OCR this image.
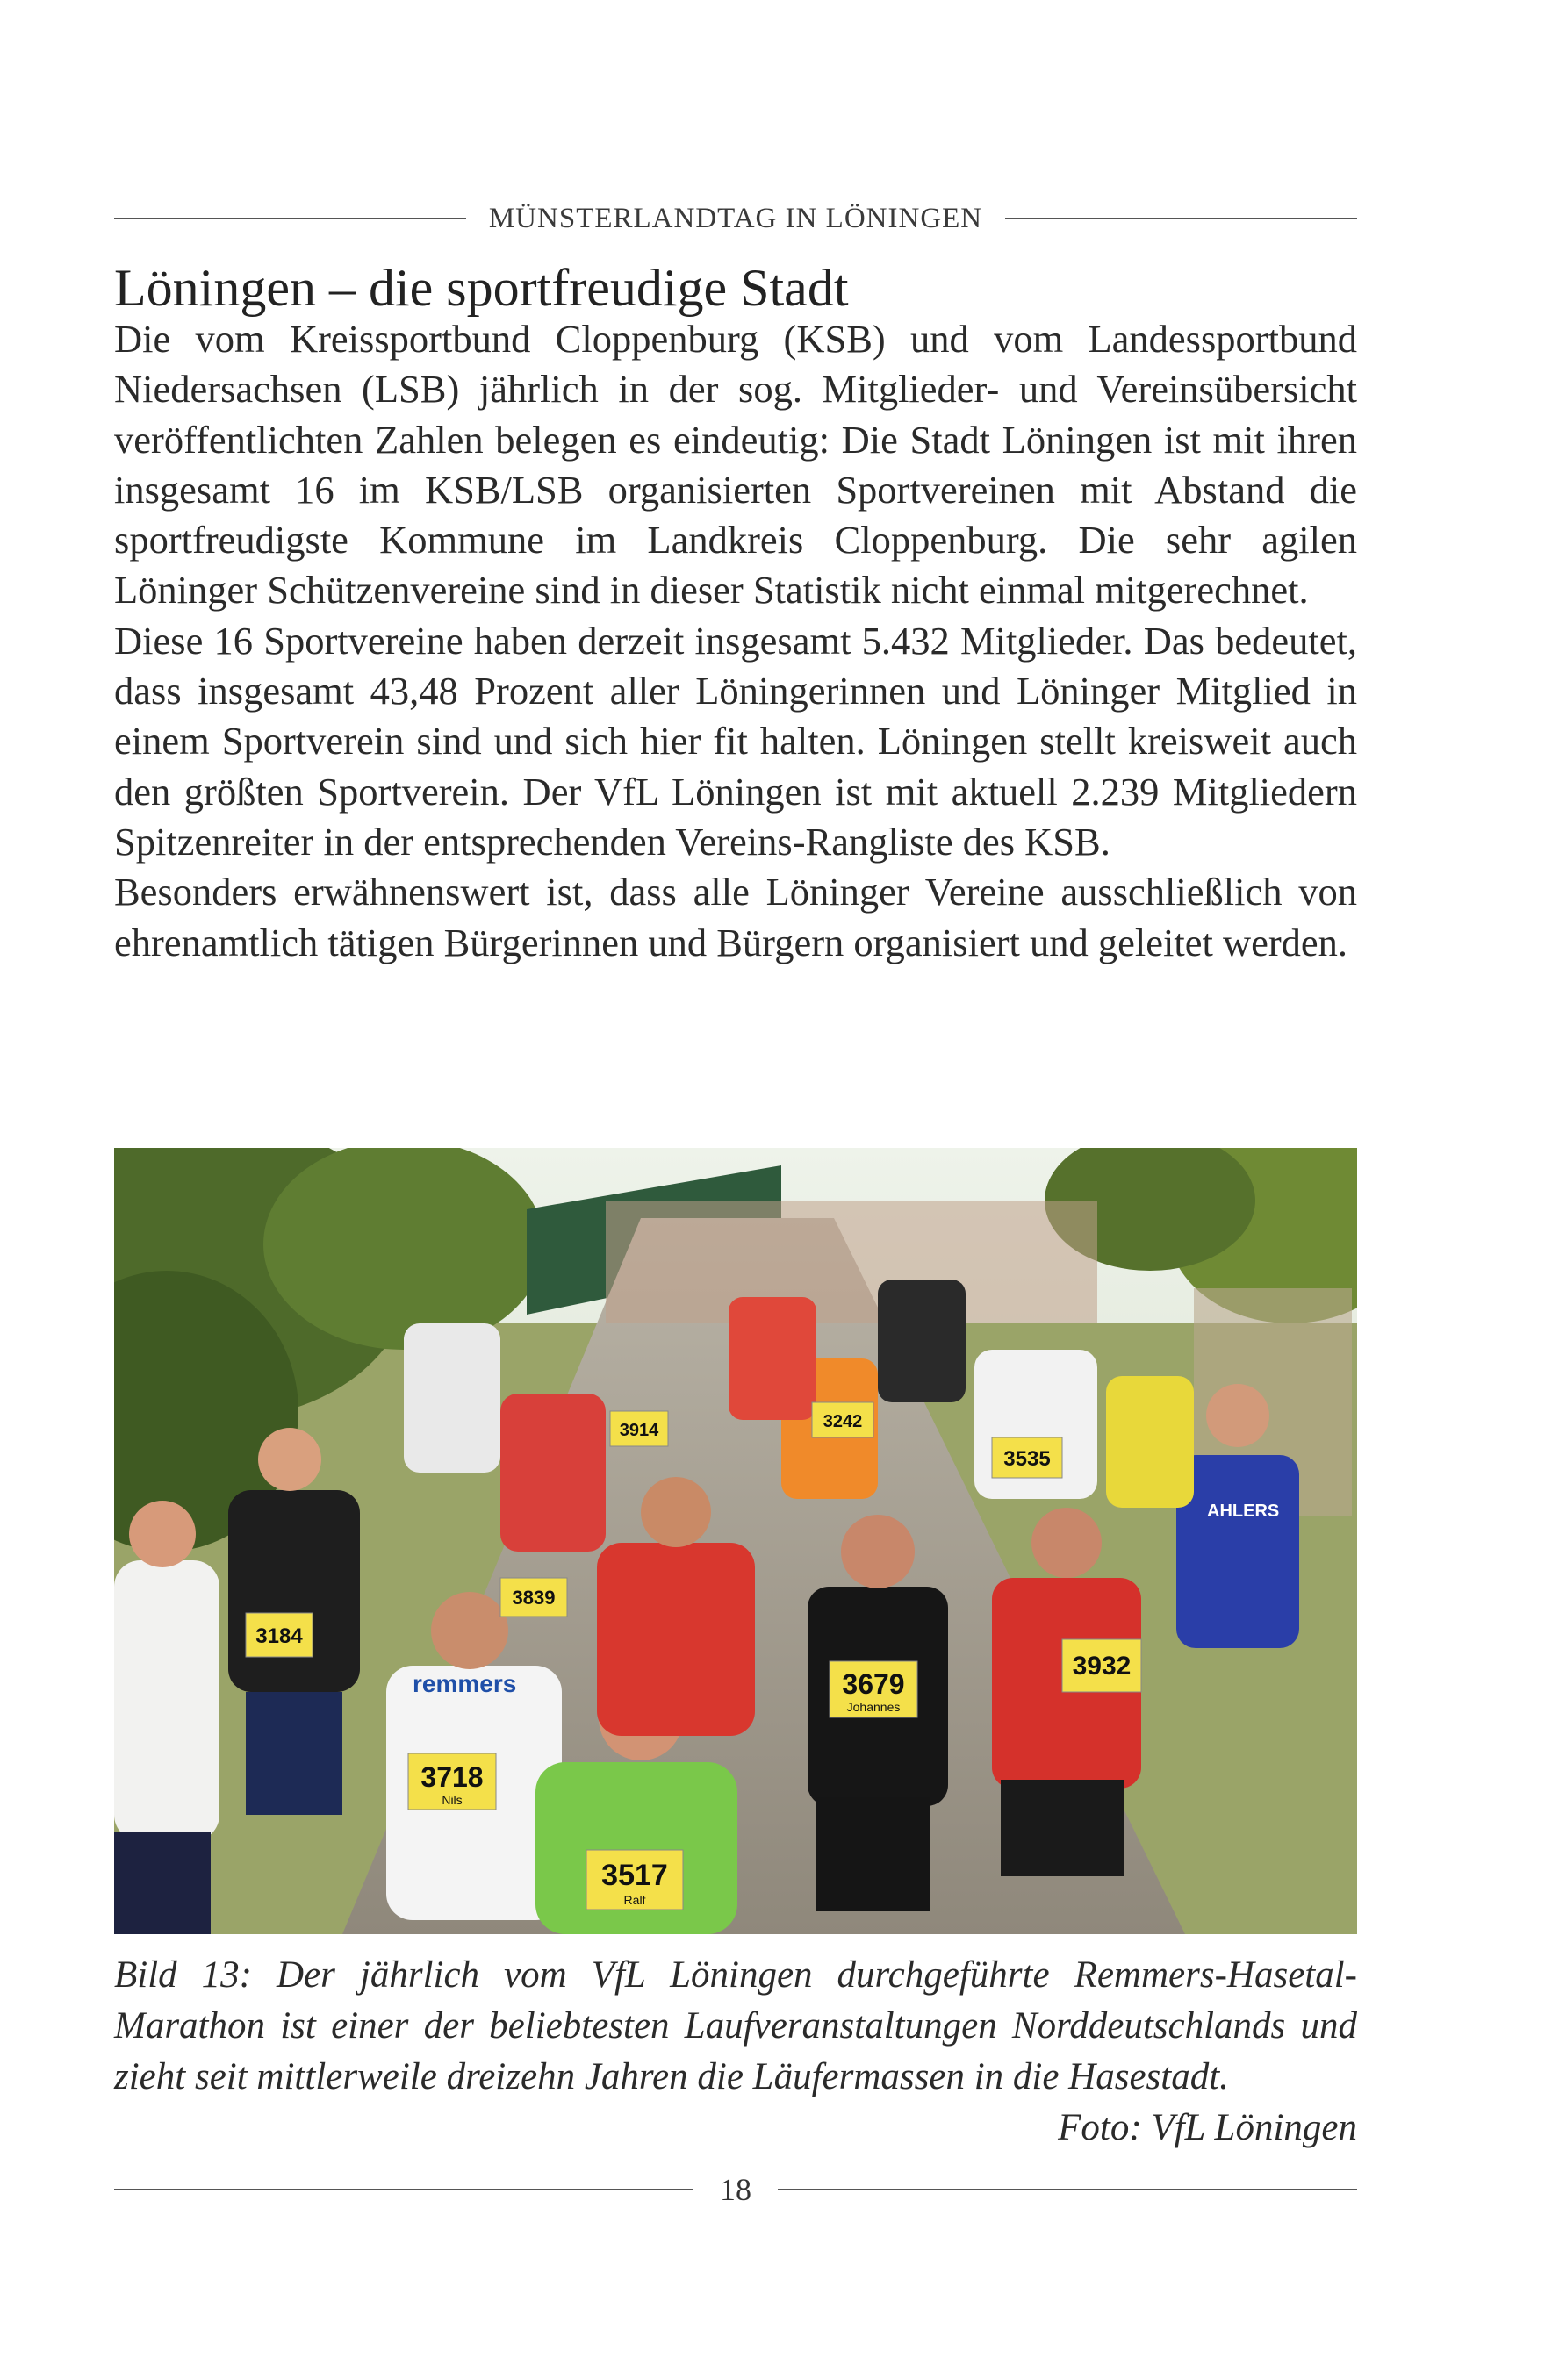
MÜNSTERLANDTAG IN LÖNINGEN
Löningen – die sportfreudige Stadt

Die vom Kreissportbund Cloppenburg (KSB) und vom Landessportbund Niedersachsen (LSB) jährlich in der sog. Mitglieder- und Vereinsübersicht veröffentlichten Zahlen belegen es eindeutig: Die Stadt Löningen ist mit ihren insgesamt 16 im KSB/LSB organisierten Sportvereinen mit Abstand die sportfreudigste Kommune im Landkreis Cloppenburg. Die sehr agilen Löninger Schützenvereine sind in dieser Statistik nicht einmal mitgerechnet.

Diese 16 Sportvereine haben derzeit insgesamt 5.432 Mitglieder. Das bedeutet, dass insgesamt 43,48 Prozent aller Löningerinnen und Löninger Mitglied in einem Sportverein sind und sich hier fit halten. Löningen stellt kreisweit auch den größten Sportverein. Der VfL Löningen ist mit aktuell 2.239 Mitgliedern Spitzenreiter in der entsprechenden Vereins-Rangliste des KSB.

Besonders erwähnenswert ist, dass alle Löninger Vereine ausschließlich von ehrenamtlich tätigen Bürgerinnen und Bürgern organisiert und geleitet werden.

remmers
AHLERS
3517
Ralf
3718
Nils
3679
Johannes
3932
3535
3839
3242
3914
3184
Bild 13: Der jährlich vom VfL Löningen durchgeführte Remmers-Hasetal-Marathon ist einer der beliebtesten Laufveranstaltungen Norddeutschlands und zieht seit mittlerweile dreizehn Jahren die Läufermassen in die Hasestadt.
Foto: VfL Löningen
18
